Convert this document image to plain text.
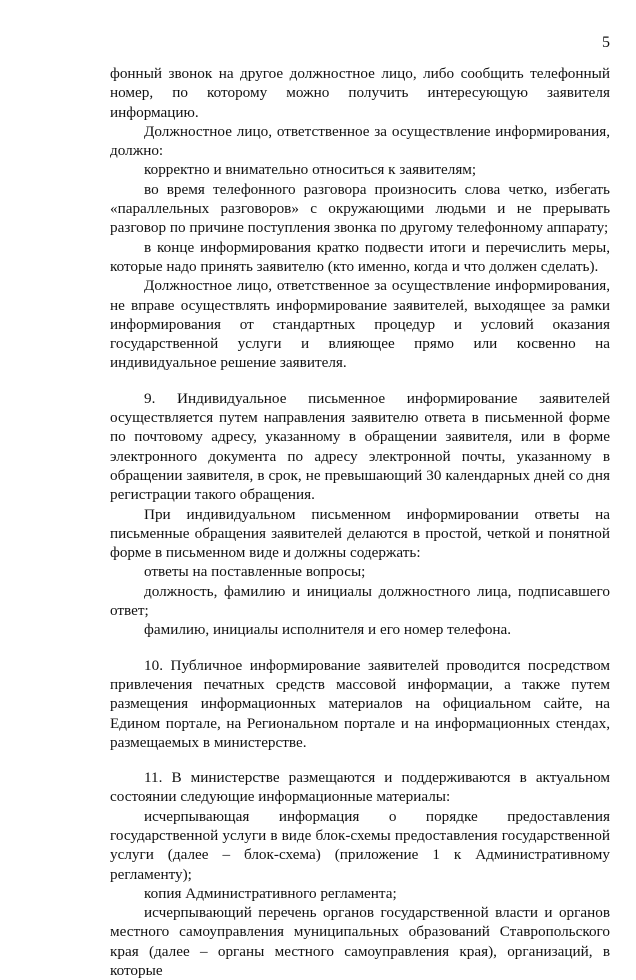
5

фонный звонок на другое должностное лицо, либо сообщить телефонный номер, по которому можно получить интересующую заявителя информацию.

Должностное лицо, ответственное за осуществление информирования, должно:

корректно и внимательно относиться к заявителям;

во время телефонного разговора произносить слова четко, избегать «параллельных разговоров» с окружающими людьми и не прерывать разговор по причине поступления звонка по другому телефонному аппарату;

в конце информирования кратко подвести итоги и перечислить меры, которые надо принять заявителю (кто именно, когда и что должен сделать).

Должностное лицо, ответственное за осуществление информирования, не вправе осуществлять информирование заявителей, выходящее за рамки информирования от стандартных процедур и условий оказания государственной услуги и влияющее прямо или косвенно на индивидуальное решение заявителя.

9. Индивидуальное письменное информирование заявителей осуществляется путем направления заявителю ответа в письменной форме по почтовому адресу, указанному в обращении заявителя, или в форме электронного документа по адресу электронной почты, указанному в обращении заявителя, в срок, не превышающий 30 календарных дней со дня регистрации такого обращения.

При индивидуальном письменном информировании ответы на письменные обращения заявителей делаются в простой, четкой и понятной форме в письменном виде и должны содержать:

ответы на поставленные вопросы;

должность, фамилию и инициалы должностного лица, подписавшего ответ;

фамилию, инициалы исполнителя и его номер телефона.

10. Публичное информирование заявителей проводится посредством привлечения печатных средств массовой информации, а также путем размещения информационных материалов на официальном сайте, на Едином портале, на Региональном портале и на информационных стендах, размещаемых в министерстве.

11. В министерстве размещаются и поддерживаются в актуальном состоянии следующие информационные материалы:

исчерпывающая информация о порядке предоставления государственной услуги в виде блок-схемы предоставления государственной услуги (далее – блок-схема) (приложение 1 к Административному регламенту);

копия Административного регламента;

исчерпывающий перечень органов государственной власти и органов местного самоуправления муниципальных образований Ставропольского края (далее – органы местного самоуправления края), организаций, в которые
